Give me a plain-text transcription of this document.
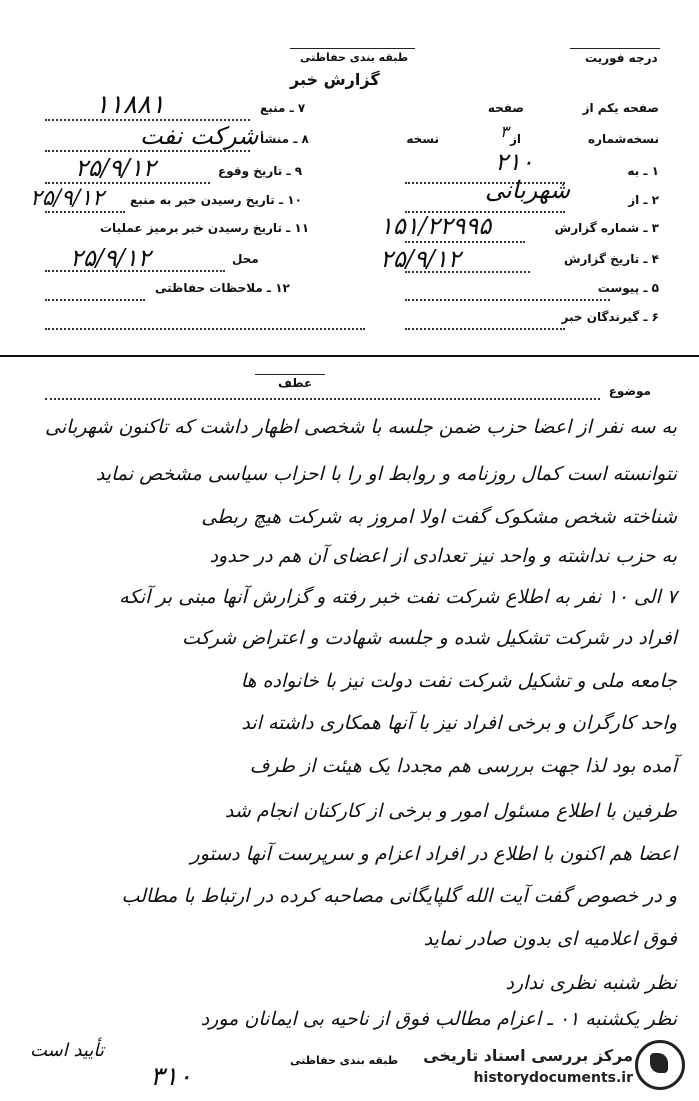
طبقه بندی حفاظتی
گزارش خبر
درجه فوریت
صفحه یکم از
صفحه
نسخه‌شماره
از
نسخه
۱ ـ به
۲ ـ از
۳ ـ شماره گزارش
۴ ـ تاریخ گزارش
۵ ـ پیوست
۶ ـ گیرندگان خبر
۲۱۰
۳
شهربانی
۱۵۱/۲۲۹۹۵
۲۵/۹/۱۲
۷ ـ منبع
۸ ـ منشأ
۹ ـ تاریخ وقوع
۱۰ ـ تاریخ رسیدن خبر به منبع
۱۱ ـ تاریخ رسیدن خبر برمیز عملیات
محل
۱۲ ـ ملاحظات حفاظتی
۱۱۸۸۱
شرکت نفت
۲۵/۹/۱۲
۲۵/۹/۱۲
۲۵/۹/۱۲
عطف
موضوع
به سه نفر از اعضا حزب ضمن جلسه با شخصی اظهار داشت که تاکنون شهربانی
نتوانسته است کمال روزنامه و روابط او را با احزاب سیاسی مشخص نماید
شناخته شخص مشکوک گفت اولا امروز به شرکت هیچ ربطی
به حزب نداشته و واحد نیز تعدادی از اعضای آن هم در حدود
۷ الی ۱۰ نفر به اطلاع شرکت نفت خبر رفته و گزارش آنها مبنی بر آنکه
افراد در شرکت تشکیل شده و جلسه شهادت و اعتراض شرکت
جامعه ملی و تشکیل شرکت نفت دولت نیز با خانواده ها
واحد کارگران و برخی افراد نیز با آنها همکاری داشته اند
آمده بود لذا جهت بررسی هم مجددا یک هیئت از طرف
طرفین با اطلاع مسئول امور و برخی از کارکنان انجام شد
اعضا هم اکنون با اطلاع در افراد اعزام و سرپرست آنها دستور
و در خصوص گفت آیت الله گلپایگانی مصاحبه کرده در ارتباط با مطالب
فوق اعلامیه ای بدون صادر نماید
نظر شنبه نظری ندارد
نظر یکشنبه ۰۱ ـ اعزام مطالب فوق از ناحیه بی ایمانان مورد
تأیید است
۳۱۰
طبقه بندی حفاظتی مرکز بررسی اسناد تاریخی
historydocuments.ir
